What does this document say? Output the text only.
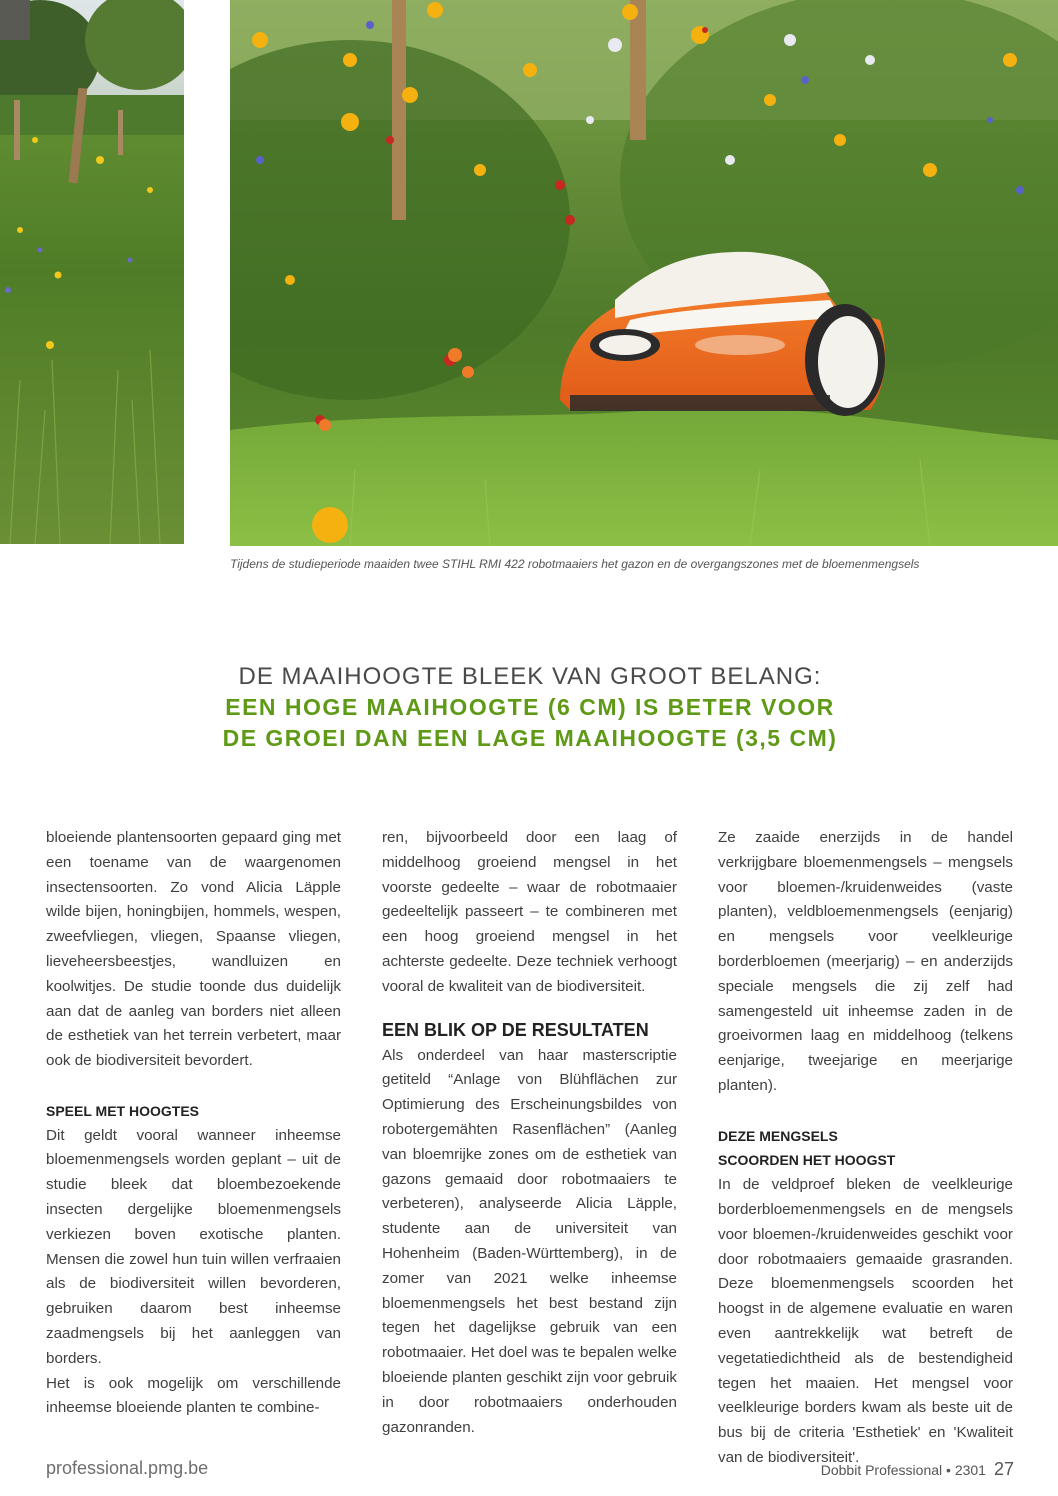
Tijdens de studieperiode maaiden twee STIHL RMI 422 robotmaaiers het gazon en de overgangszones met de bloemenmengsels
DE MAAIHOOGTE BLEEK VAN GROOT BELANG:
EEN HOGE MAAIHOOGTE (6 CM) IS BETER VOOR
DE GROEI DAN EEN LAGE MAAIHOOGTE (3,5 CM)

bloeiende plantensoorten gepaard ging met een toename van de waargenomen insectensoorten. Zo vond Alicia Läpple wilde bijen, honingbijen, hommels, wespen, zweefvliegen, vliegen, Spaanse vliegen, lieveheersbeestjes, wandluizen en koolwitjes. De studie toonde dus duidelijk aan dat de aanleg van borders niet alleen de esthetiek van het terrein verbetert, maar ook de biodiversiteit bevordert.

SPEEL MET HOOGTES

Dit geldt vooral wanneer inheemse bloemenmengsels worden geplant – uit de studie bleek dat bloembezoekende insecten dergelijke bloemenmengsels verkiezen boven exotische planten. Mensen die zowel hun tuin willen verfraaien als de biodiversiteit willen bevorderen, gebruiken daarom best inheemse zaadmengsels bij het aanleggen van borders.

Het is ook mogelijk om verschillende inheemse bloeiende planten te combine-

ren, bijvoorbeeld door een laag of middelhoog groeiend mengsel in het voorste gedeelte – waar de robotmaaier gedeeltelijk passeert – te combineren met een hoog groeiend mengsel in het achterste gedeelte. Deze techniek verhoogt vooral de kwaliteit van de biodiversiteit.

EEN BLIK OP DE RESULTATEN

Als onderdeel van haar masterscriptie getiteld “Anlage von Blühflächen zur Optimierung des Erscheinungsbildes von robotergemähten Rasenflächen” (Aanleg van bloemrijke zones om de esthetiek van gazons gemaaid door robotmaaiers te verbeteren), analyseerde Alicia Läpple, studente aan de universiteit van Hohenheim (Baden-Württemberg), in de zomer van 2021 welke inheemse bloemenmengsels het best bestand zijn tegen het dagelijkse gebruik van een robotmaaier. Het doel was te bepalen welke bloeiende planten geschikt zijn voor gebruik in door robotmaaiers onderhouden gazonranden.

Ze zaaide enerzijds in de handel verkrijgbare bloemenmengsels – mengsels voor bloemen-/kruidenweides (vaste planten), veldbloemenmengsels (eenjarig) en mengsels voor veelkleurige borderbloemen (meerjarig) – en anderzijds speciale mengsels die zij zelf had samengesteld uit inheemse zaden in de groeivormen laag en middelhoog (telkens eenjarige, tweejarige en meerjarige planten).

DEZE MENGSELS
SCOORDEN HET HOOGST

In de veldproef bleken de veelkleurige borderbloemenmengsels en de mengsels voor bloemen-/kruidenweides geschikt voor door robotmaaiers gemaaide grasranden. Deze bloemenmengsels scoorden het hoogst in de algemene evaluatie en waren even aantrekkelijk wat betreft de vegetatiedichtheid als de bestendigheid tegen het maaien. Het mengsel voor veelkleurige borders kwam als beste uit de bus bij de criteria 'Esthetiek' en 'Kwaliteit van de biodiversiteit'.

professional.pmg.be	Dobbit Professional • 2301 27
